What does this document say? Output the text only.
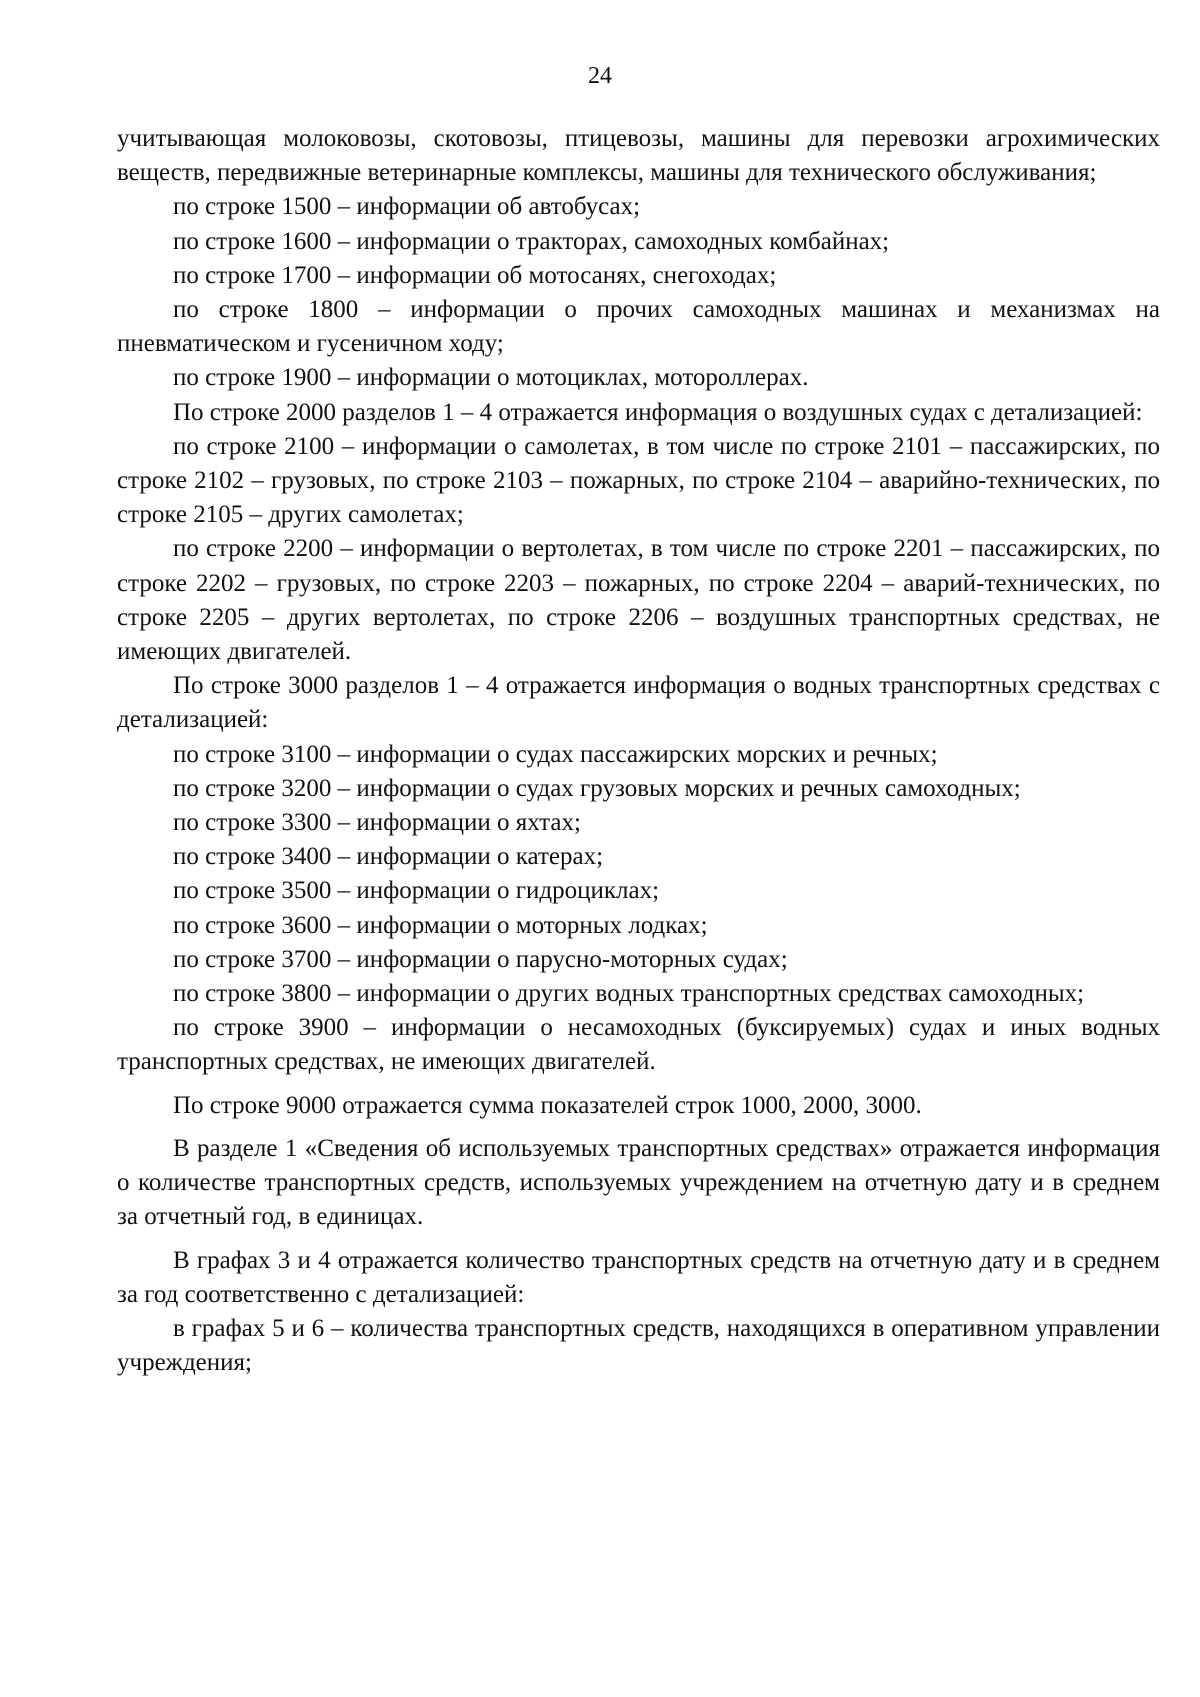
24

учитывающая молоковозы, скотовозы, птицевозы, машины для перевозки агрохимических веществ, передвижные ветеринарные комплексы, машины для технического обслуживания;

по строке 1500 – информации об автобусах;

по строке 1600 – информации о тракторах, самоходных комбайнах;

по строке 1700 – информации об мотосанях, снегоходах;

по строке 1800 – информации о прочих самоходных машинах и механизмах на пневматическом и гусеничном ходу;

по строке 1900 – информации о мотоциклах, мотороллерах.

По строке 2000 разделов 1 – 4 отражается информация о воздушных судах с детализацией:

по строке 2100 – информации о самолетах, в том числе по строке 2101 – пассажирских, по строке 2102 – грузовых, по строке 2103 – пожарных, по строке 2104 – аварийно-технических, по строке 2105 – других самолетах;

по строке 2200 – информации о вертолетах, в том числе по строке 2201 – пассажирских, по строке 2202 – грузовых, по строке 2203 – пожарных, по строке 2204 – аварий-технических, по строке 2205 – других вертолетах, по строке 2206 – воздушных транспортных средствах, не имеющих двигателей.

По строке 3000 разделов 1 – 4 отражается информация о водных транспортных средствах с детализацией:

по строке 3100 – информации о судах пассажирских морских и речных;

по строке 3200 – информации о судах грузовых морских и речных самоходных;

по строке 3300 – информации о яхтах;

по строке 3400 – информации о катерах;

по строке 3500 – информации о гидроциклах;

по строке 3600 – информации о моторных лодках;

по строке 3700 – информации о парусно-моторных судах;

по строке 3800 – информации о других водных транспортных средствах самоходных;

по строке 3900 – информации о несамоходных (буксируемых) судах и иных водных транспортных средствах, не имеющих двигателей.

По строке 9000 отражается сумма показателей строк 1000, 2000, 3000.

В разделе 1 «Сведения об используемых транспортных средствах» отражается информация о количестве транспортных средств, используемых учреждением на отчетную дату и в среднем за отчетный год, в единицах.

В графах 3 и 4 отражается количество транспортных средств на отчетную дату и в среднем за год соответственно с детализацией:

в графах 5 и 6 – количества транспортных средств, находящихся в оперативном управлении учреждения;
